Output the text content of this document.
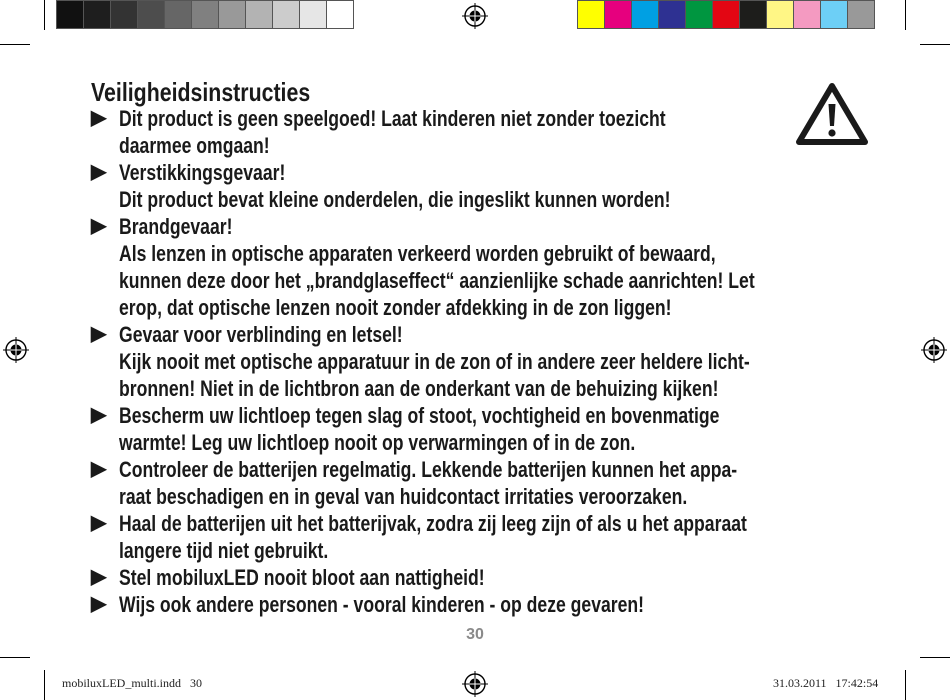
Veiligheidsinstructies
▶ Dit product is geen speelgoed! Laat kinderen niet zonder toezicht
daarmee omgaan!
▶ Verstikkingsgevaar!
Dit product bevat kleine onderdelen, die ingeslikt kunnen worden!
▶ Brandgevaar!
Als lenzen in optische apparaten verkeerd worden gebruikt of bewaard,
kunnen deze door het „brandglaseffect“ aanzienlijke schade aanrichten! Let
erop, dat optische lenzen nooit zonder afdekking in de zon liggen!
▶ Gevaar voor verblinding en letsel!
Kijk nooit met optische apparatuur in de zon of in andere zeer heldere licht-
bronnen! Niet in de lichtbron aan de onderkant van de behuizing kijken!
▶ Bescherm uw lichtloep tegen slag of stoot, vochtigheid en bovenmatige
warmte! Leg uw lichtloep nooit op verwarmingen of in de zon.
▶ Controleer de batterijen regelmatig. Lekkende batterijen kunnen het appa-
raat beschadigen en in geval van huidcontact irritaties veroorzaken.
▶ Haal de batterijen uit het batterijvak, zodra zij leeg zijn of als u het apparaat
langere tijd niet gebruikt.
▶ Stel mobiluxLED nooit bloot aan nattigheid!
▶ Wijs ook andere personen - vooral kinderen - op deze gevaren!
30
mobiluxLED_multi.indd   30	31.03.2011   17:42:54
